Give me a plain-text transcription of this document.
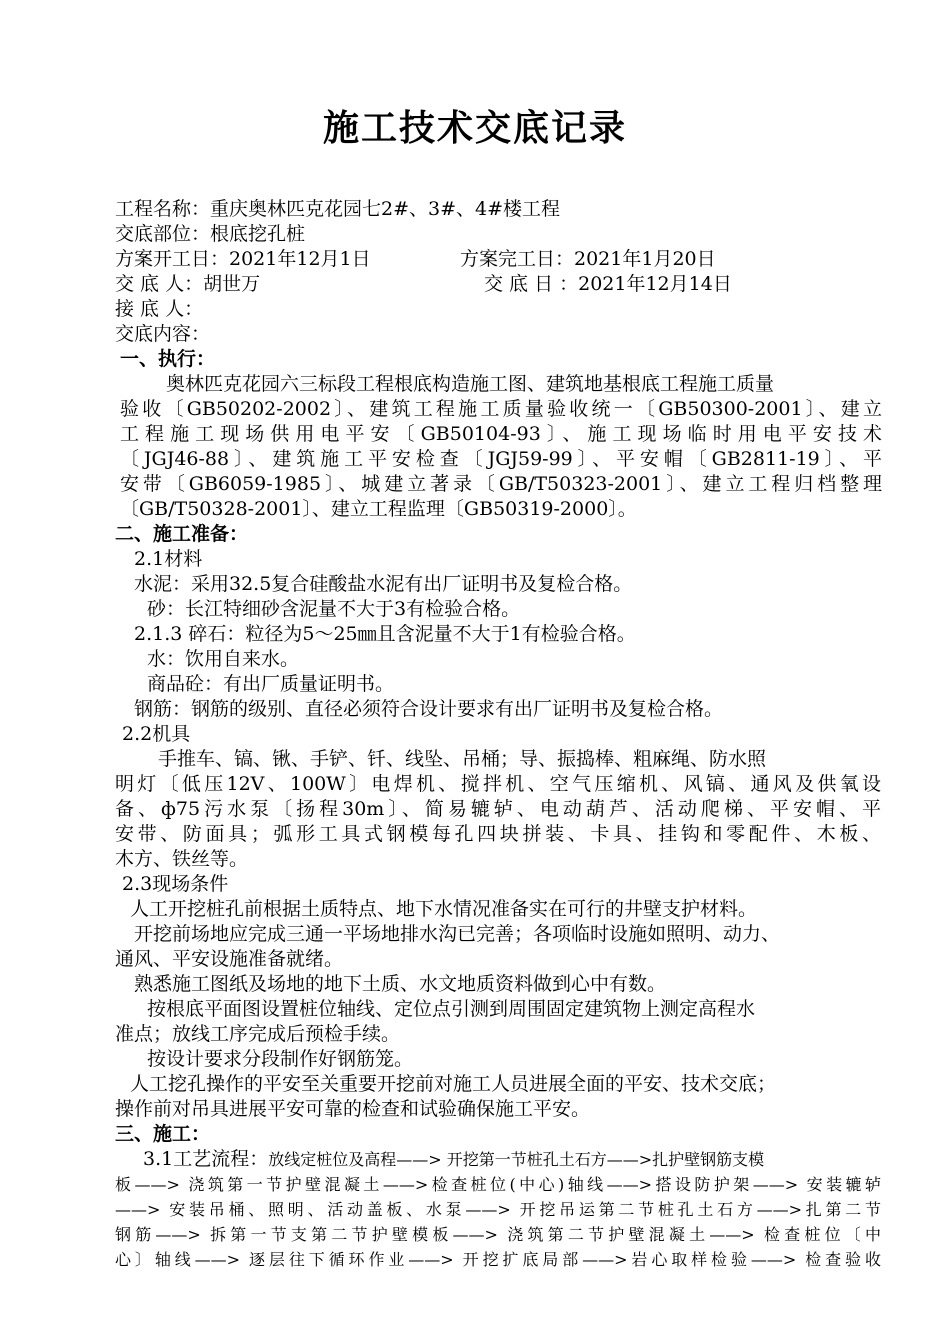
施工技术交底记录
工程名称：重庆奥林匹克花园七2#、3#、4#楼工程
交底部位：根底挖孔桩
方案开工日：2021年12月1日	方案完工日：2021年1月20日
交 底 人：胡世万	交 底 日 ：2021年12月14日
接 底 人：
交底内容：
一、执行：
奥林匹克花园六三标段工程根底构造施工图、建筑地基根底工程施工质量
验收〔GB50202-2002〕、建筑工程施工质量验收统一〔GB50300-2001〕、建立
工程施工现场供用电平安〔GB50104-93〕、施工现场临时用电平安技术
〔JGJ46-88〕、建筑施工平安检查〔JGJ59-99〕、平安帽〔GB2811-19〕、平
安带〔GB6059-1985〕、城建立著录〔GB/T50323-2001〕、建立工程归档整理
〔GB/T50328-2001〕、建立工程监理〔GB50319-2000〕。
二、施工准备：
2.1材料
水泥：采用32.5复合硅酸盐水泥有出厂证明书及复检合格。
砂：长江特细砂含泥量不大于3有检验合格。
2.1.3 碎石：粒径为5～25㎜且含泥量不大于1有检验合格。
水：饮用自来水。
商品砼：有出厂质量证明书。
钢筋：钢筋的级别、直径必须符合设计要求有出厂证明书及复检合格。
2.2机具
手推车、镐、锹、手铲、钎、线坠、吊桶；导、振捣棒、粗麻绳、防水照
明灯〔低压12V、100W〕电焊机、搅拌机、空气压缩机、风镐、通风及供氧设
备、ф75污水泵〔扬程30m〕、简易辘轳、电动葫芦、活动爬梯、平安帽、平
安带、防面具；弧形工具式钢模每孔四块拼装、卡具、挂钩和零配件、木板、
木方、铁丝等。
2.3现场条件
人工开挖桩孔前根据土质特点、地下水情况准备实在可行的井壁支护材料。
开挖前场地应完成三通一平场地排水沟已完善；各项临时设施如照明、动力、
通风、平安设施准备就绪。
熟悉施工图纸及场地的地下土质、水文地质资料做到心中有数。
按根底平面图设置桩位轴线、定位点引测到周围固定建筑物上测定高程水
准点；放线工序完成后预检手续。
按设计要求分段制作好钢筋笼。
人工挖孔操作的平安至关重要开挖前对施工人员进展全面的平安、技术交底；
操作前对吊具进展平安可靠的检查和试验确保施工平安。
三、施工：
3.1工艺流程：放线定桩位及高程——> 开挖第一节桩孔土石方——>扎护壁钢筋支模
板——> 浇筑第一节护壁混凝土——>检查桩位(中心)轴线——>搭设防护架——> 安装辘轳
——> 安装吊桶、照明、活动盖板、水泵——> 开挖吊运第二节桩孔土石方——>扎第二节
钢筋——> 拆第一节支第二节护壁模板——> 浇筑第二节护壁混凝土——> 检查桩位〔中
心〕轴线——> 逐层往下循环作业——> 开挖扩底局部——>岩心取样检验——> 检查验收
